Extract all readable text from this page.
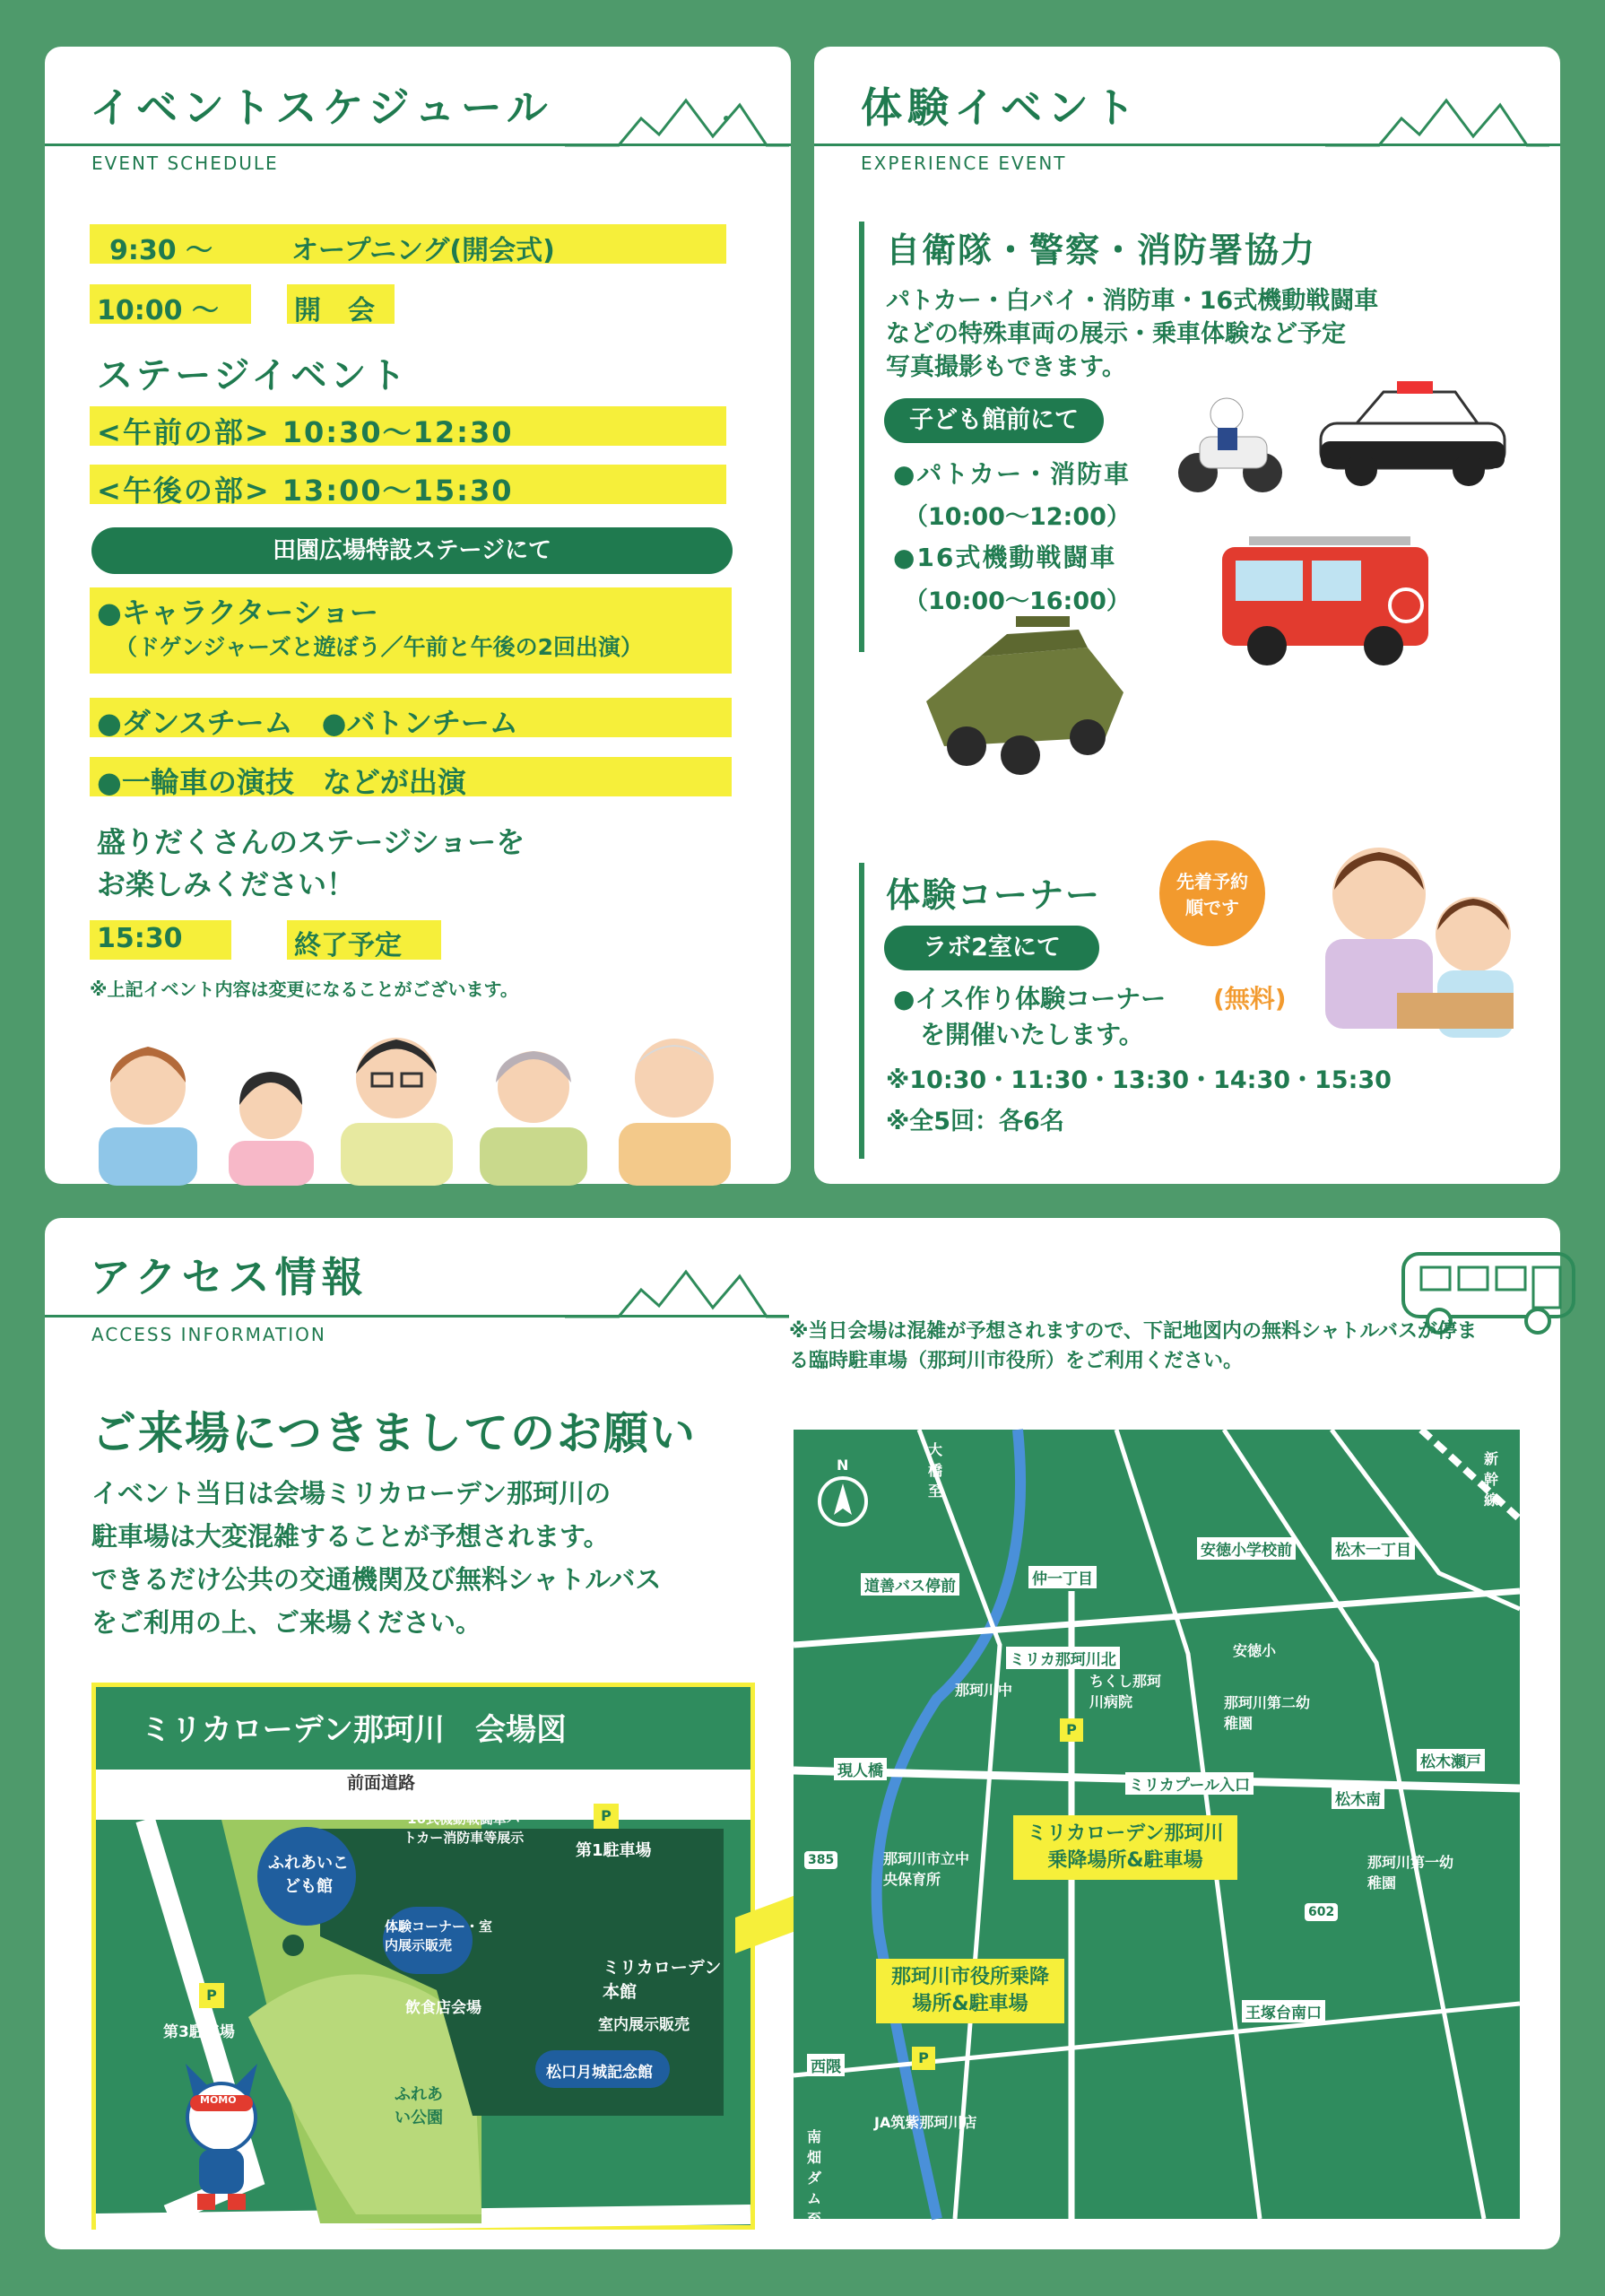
イベントスケジュール
EVENT SCHEDULE
9:30 〜	オープニング(開会式)
10:00 〜	開　会
ステージイベント
<午前の部> 10:30〜12:30
<午後の部> 13:00〜15:30
田園広場特設ステージにて
●キャラクターショー
（ドゲンジャーズと遊ぼう／午前と午後の2回出演）
●ダンスチーム　●バトンチーム
●一輪車の演技　などが出演
盛りだくさんのステージショーを
お楽しみください！
15:30	終了予定
※上記イベント内容は変更になることがございます。
体験イベント
EXPERIENCE EVENT
自衛隊・警察・消防署協力
パトカー・白バイ・消防車・16式機動戦闘車
などの特殊車両の展示・乗車体験など予定
写真撮影もできます。
子ども館前にて
●パトカー・消防車
（10:00〜12:00）
●16式機動戦闘車
（10:00〜16:00）
体験コーナー	先着予約順です
ラボ2室にて
●イス作り体験コーナー (無料)
を開催いたします。
※10:30・11:30・13:30・14:30・15:30
※全5回：各6名
アクセス情報
ACCESS INFORMATION	※当日会場は混雑が予想されますので、下記地図内の無料シャトルバスが停まる臨時駐車場（那珂川市役所）をご利用ください。
ご来場につきましてのお願い
イベント当日は会場ミリカローデン那珂川の
駐車場は大変混雑することが予想されます。
できるだけ公共の交通機関及び無料シャトルバス
をご利用の上、ご来場ください。
ミリカローデン那珂川　会場図
前面道路
ふれあいこども館
16式機動戦闘車パトカー消防車等展示
P
第1駐車場
体験コーナー・室内展示販売
飲食店会場
ミリカローデン本館
室内展示販売
P
第3駐車場
ふれあい公園
松口月城記念館
MOMO
N
大橋至
新幹線
仲一丁目
安徳小学校前	松木一丁目
道善バス停前
ミリカ那珂川北
現人橋
ミリカプール入口
松木瀬戸
松木南
王塚台南口
西隈
那珂川中
ちくし那珂川病院
安徳小
那珂川第二幼稚園
那珂川市立中央保育所
那珂川第一幼稚園
JA筑紫那珂川店
385
602
南畑ダム至
P
P
ミリカローデン那珂川乗降場所&駐車場
那珂川市役所乗降場所&駐車場
